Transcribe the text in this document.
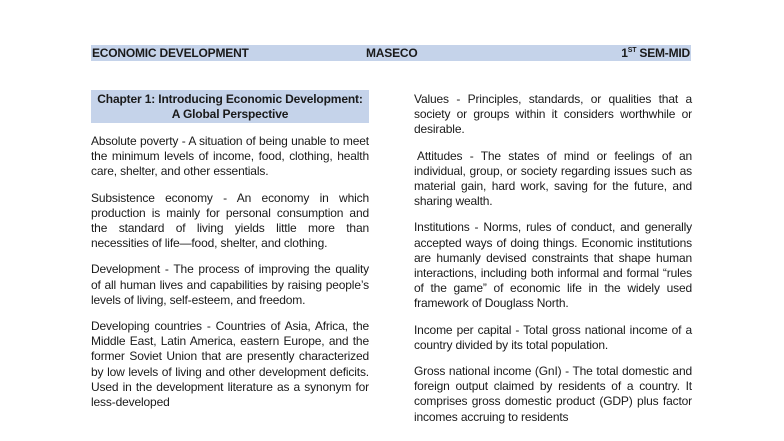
ECONOMIC DEVELOPMENT	MASECO	1ST SEM-MID
Chapter 1: Introducing Economic Development: A Global Perspective

Absolute poverty - A situation of being unable to meet the minimum levels of income, food, clothing, health care, shelter, and other essentials.

Subsistence economy - An economy in which production is mainly for personal consumption and the standard of living yields little more than necessities of life—food, shelter, and clothing.

Development - The process of improving the quality of all human lives and capabilities by raising people’s levels of living, self-esteem, and freedom.

Developing countries - Countries of Asia, Africa, the Middle East, Latin America, eastern Europe, and the former Soviet Union that are presently characterized by low levels of living and other development deficits. Used in the development literature as a synonym for less-developed

Values - Principles, standards, or qualities that a society or groups within it considers worthwhile or desirable.

Attitudes - The states of mind or feelings of an individual, group, or society regarding issues such as material gain, hard work, saving for the future, and sharing wealth.

Institutions - Norms, rules of conduct, and generally accepted ways of doing things. Economic institutions are humanly devised constraints that shape human interactions, including both informal and formal “rules of the game” of economic life in the widely used framework of Douglass North.

Income per capital - Total gross national income of a country divided by its total population.

Gross national income (GnI) - The total domestic and foreign output claimed by residents of a country. It comprises gross domestic product (GDP) plus factor incomes accruing to residents
